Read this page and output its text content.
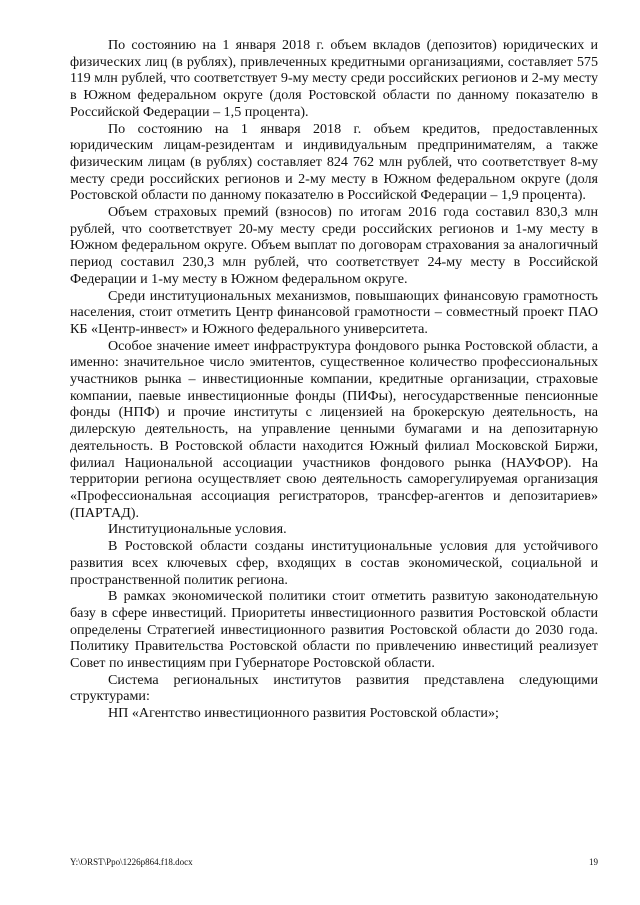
По состоянию на 1 января 2018 г. объем вкладов (депозитов) юридических и физических лиц (в рублях), привлеченных кредитными организациями, составляет 575 119 млн рублей, что соответствует 9-му месту среди российских регионов и 2-му месту в Южном федеральном округе (доля Ростовской области по данному показателю в Российской Федерации – 1,5 процента).

По состоянию на 1 января 2018 г. объем кредитов, предоставленных юридическим лицам-резидентам и индивидуальным предпринимателям, а также физическим лицам (в рублях) составляет 824 762 млн рублей, что соответствует 8-му месту среди российских регионов и 2-му месту в Южном федеральном округе (доля Ростовской области по данному показателю в Российской Федерации – 1,9 процента).

Объем страховых премий (взносов) по итогам 2016 года составил 830,3 млн рублей, что соответствует 20-му месту среди российских регионов и 1-му месту в Южном федеральном округе. Объем выплат по договорам страхования за аналогичный период составил 230,3 млн рублей, что соответствует 24-му месту в Российской Федерации и 1-му месту в Южном федеральном округе.

Среди институциональных механизмов, повышающих финансовую грамотность населения, стоит отметить Центр финансовой грамотности – совместный проект ПАО КБ «Центр-инвест» и Южного федерального университета.

Особое значение имеет инфраструктура фондового рынка Ростовской области, а именно: значительное число эмитентов, существенное количество профессиональных участников рынка – инвестиционные компании, кредитные организации, страховые компании, паевые инвестиционные фонды (ПИФы), негосударственные пенсионные фонды (НПФ) и прочие институты с лицензией на брокерскую деятельность, на дилерскую деятельность, на управление ценными бумагами и на депозитарную деятельность. В Ростовской области находится Южный филиал Московской Биржи, филиал Национальной ассоциации участников фондового рынка (НАУФОР). На территории региона осуществляет свою деятельность саморегулируемая организация «Профессиональная ассоциация регистраторов, трансфер-агентов и депозитариев» (ПАРТАД).

Институциональные условия.

В Ростовской области созданы институциональные условия для устойчивого развития всех ключевых сфер, входящих в состав экономической, социальной и пространственной политик региона.

В рамках экономической политики стоит отметить развитую законодательную базу в сфере инвестиций. Приоритеты инвестиционного развития Ростовской области определены Стратегией инвестиционного развития Ростовской области до 2030 года. Политику Правительства Ростовской области по привлечению инвестиций реализует Совет по инвестициям при Губернаторе Ростовской области.

Система региональных институтов развития представлена следующими структурами:

НП «Агентство инвестиционного развития Ростовской области»;

Y:\ORST\Ppo\1226p864.f18.docx	19
